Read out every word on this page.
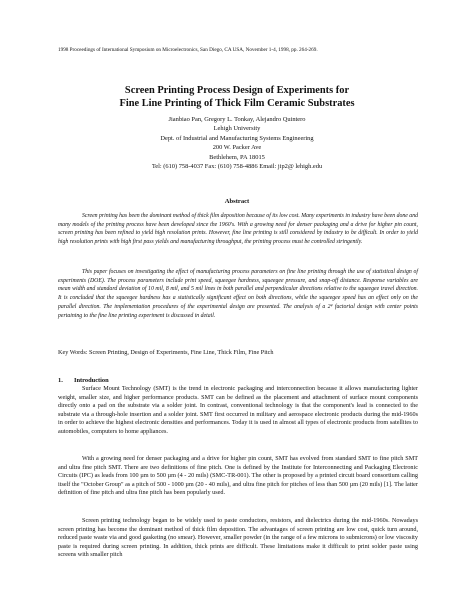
1998 Proceedings of International Symposium on Microelectronics, San Diego, CA USA, November 1-4, 1998, pp. 264-269.
Screen Printing Process Design of Experiments for
Fine Line Printing of Thick Film Ceramic Substrates
Jianbiao Pan, Gregory L. Tonkay, Alejandro Quintero
Lehigh University
Dept. of Industrial and Manufacturing Systems Engineering
200 W. Packer Ave
Bethlehem, PA 18015
Tel: (610) 758-4037 Fax: (610) 758-4886 Email: jip2@ lehigh.edu
Abstract

Screen printing has been the dominant method of thick film deposition because of its low cost. Many experiments in industry have been done and many models of the printing process have been developed since the 1960's. With a growing need for denser packaging and a drive for higher pin count, screen printing has been refined to yield high resolution prints. However, fine line printing is still considered by industry to be difficult. In order to yield high resolution prints with high first pass yields and manufacturing throughput, the printing process must be controlled stringently.

This paper focuses on investigating the effect of manufacturing process parameters on fine line printing through the use of statistical design of experiments (DOE). The process parameters include print speed, squeegee hardness, squeegee pressure, and snap-off distance. Response variables are mean width and standard deviation of 10 mil, 8 mil, and 5 mil lines in both parallel and perpendicular directions relative to the squeegee travel direction. It is concluded that the squeegee hardness has a statistically significant effect on both directions, while the squeegee speed has an effect only on the parallel direction. The implementation procedures of the experimental design are presented. The analysis of a 2⁴ factorial design with center points pertaining to the fine line printing experiment is discussed in detail.

Key Words: Screen Printing, Design of Experiments, Fine Line, Thick Film, Fine Pitch
1. Introduction

Surface Mount Technology (SMT) is the trend in electronic packaging and interconnection because it allows manufacturing lighter weight, smaller size, and higher performance products. SMT can be defined as the placement and attachment of surface mount components directly onto a pad on the substrate via a solder joint. In contrast, conventional technology is that the component's lead is connected to the substrate via a through-hole insertion and a solder joint. SMT first occurred in military and aerospace electronic products during the mid-1960s in order to achieve the highest electronic densities and performances. Today it is used in almost all types of electronic products from satellites to automobiles, computers to home appliances.

With a growing need for denser packaging and a drive for higher pin count, SMT has evolved from standard SMT to fine pitch SMT and ultra fine pitch SMT. There are two definitions of fine pitch. One is defined by the Institute for Interconnecting and Packaging Electronic Circuits (IPC) as leads from 100 µm to 500 µm (4 - 20 mils) (SMC-TR-001). The other is proposed by a printed circuit board consortium calling itself the "October Group" as a pitch of 500 - 1000 µm (20 - 40 mils), and ultra fine pitch for pitches of less than 500 µm (20 mils) [1]. The latter definition of fine pitch and ultra fine pitch has been popularly used.

Screen printing technology began to be widely used to paste conductors, resistors, and dielectrics during the mid-1960s. Nowadays screen printing has become the dominant method of thick film deposition. The advantages of screen printing are low cost, quick turn around, reduced paste waste via and good gasketing (no smear). However, smaller powder (in the range of a few microns to submicrons) or low viscosity paste is required during screen printing. In addition, thick prints are difficult. These limitations make it difficult to print solder paste using screens with smaller pitch
